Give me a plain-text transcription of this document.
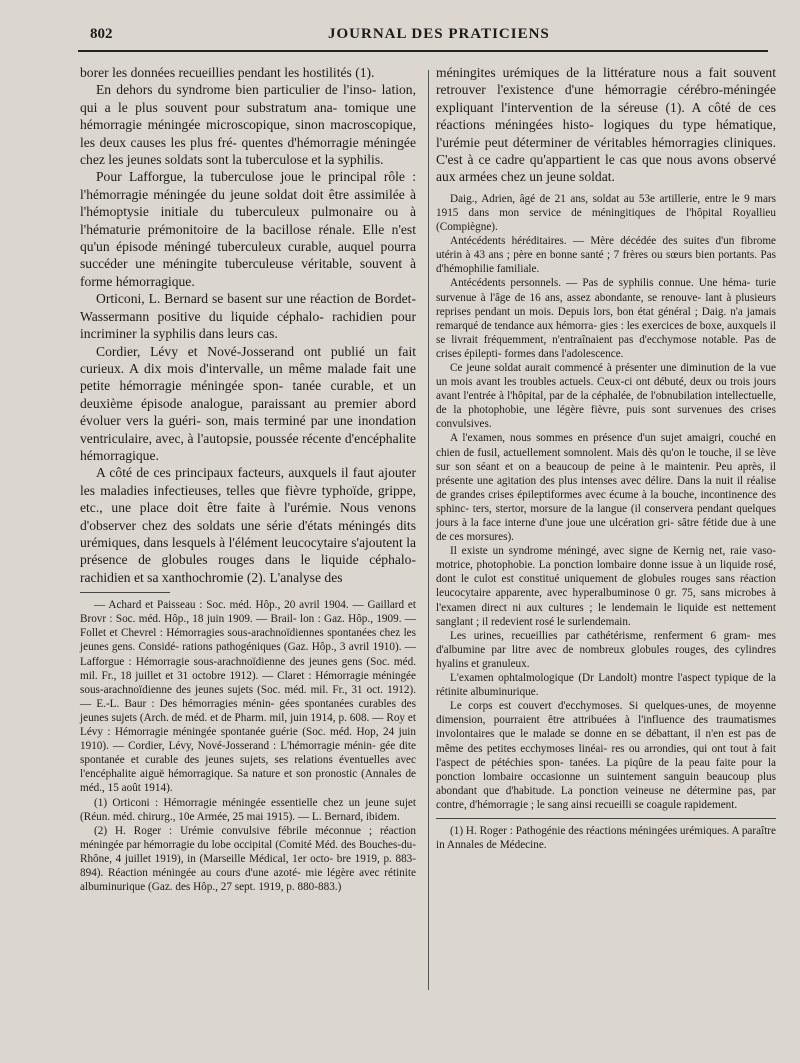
802	JOURNAL DES PRATICIENS
borer les données recueillies pendant les hostilités (1).
En dehors du syndrome bien particulier de l'inso- lation, qui a le plus souvent pour substratum ana- tomique une hémorragie méningée microscopique, sinon macroscopique, les deux causes les plus fré- quentes d'hémorragie méningée chez les jeunes soldats sont la tuberculose et la syphilis.
Pour Lafforgue, la tuberculose joue le principal rôle : l'hémorragie méningée du jeune soldat doit être assimilée à l'hémoptysie initiale du tuberculeux pulmonaire ou à l'hématurie prémonitoire de la bacillose rénale. Elle n'est qu'un épisode méningé tuberculeux curable, auquel pourra succéder une méningite tuberculeuse véritable, souvent à forme hémorragique.
Orticoni, L. Bernard se basent sur une réaction de Bordet-Wassermann positive du liquide céphalo- rachidien pour incriminer la syphilis dans leurs cas.
Cordier, Lévy et Nové-Josserand ont publié un fait curieux. A dix mois d'intervalle, un même malade fait une petite hémorragie méningée spon- tanée curable, et un deuxième épisode analogue, paraissant au premier abord évoluer vers la guéri- son, mais terminé par une inondation ventriculaire, avec, à l'autopsie, poussée récente d'encéphalite hémorragique.
A côté de ces principaux facteurs, auxquels il faut ajouter les maladies infectieuses, telles que fièvre typhoïde, grippe, etc., une place doit être faite à l'urémie. Nous venons d'observer chez des soldats une série d'états méningés dits urémiques, dans lesquels à l'élément leucocytaire s'ajoutent la présence de globules rouges dans le liquide céphalo- rachidien et sa xanthochromie (2). L'analyse des
— Achard et Paisseau : Soc. méd. Hôp., 20 avril 1904. — Gaillard et Brovr : Soc. méd. Hôp., 18 juin 1909. — Brail- lon : Gaz. Hôp., 1909. — Follet et Chevrel : Hémorragies sous-arachnoïdiennes spontanées chez les jeunes gens. Considé- rations pathogéniques (Gaz. Hôp., 3 avril 1910). — Lafforgue : Hémorragie sous-arachnoïdienne des jeunes gens (Soc. méd. mil. Fr., 18 juillet et 31 octobre 1912). — Claret : Hémorragie méningée sous-arachnoïdienne des jeunes sujets (Soc. méd. mil. Fr., 31 oct. 1912). — E.-L. Baur : Des hémorragies ménin- gées spontanées curables des jeunes sujets (Arch. de méd. et de Pharm. mil, juin 1914, p. 608. — Roy et Lévy : Hémorragie méningée spontanée guérie (Soc. méd. Hop, 24 juin 1910). — Cordier, Lévy, Nové-Josserand : L'hémorragie ménin- gée dite spontanée et curable des jeunes sujets, ses relations éventuelles avec l'encéphalite aiguë hémorragique. Sa nature et son pronostic (Annales de méd., 15 août 1914).
(1) Orticoni : Hémorragie méningée essentielle chez un jeune sujet (Réun. méd. chirurg., 10e Armée, 25 mai 1915). — L. Bernard, ibidem.
(2) H. Roger : Urémie convulsive fébrile méconnue ; réaction méningée par hémorragie du lobe occipital (Comité Méd. des Bouches-du-Rhône, 4 juillet 1919), in (Marseille Médical, 1er octo- bre 1919, p. 883-894). Réaction méningée au cours d'une azoté- mie légère avec rétinite albuminurique (Gaz. des Hôp., 27 sept. 1919, p. 880-883.)
méningites urémiques de la littérature nous a fait souvent retrouver l'existence d'une hémorragie cérébro-méningée expliquant l'intervention de la séreuse (1). A côté de ces réactions méningées histo- logiques du type hématique, l'urémie peut déterminer de véritables hémorragies cliniques. C'est à ce cadre qu'appartient le cas que nous avons observé aux armées chez un jeune soldat.
Daig., Adrien, âgé de 21 ans, soldat au 53e artillerie, entre le 9 mars 1915 dans mon service de méningitiques de l'hôpital Royallieu (Compiègne).
Antécédents héréditaires. — Mère décédée des suites d'un fibrome utérin à 43 ans ; père en bonne santé ; 7 frères ou sœurs bien portants. Pas d'hémophilie familiale.
Antécédents personnels. — Pas de syphilis connue. Une héma- turie survenue à l'âge de 16 ans, assez abondante, se renouve- lant à plusieurs reprises pendant un mois. Depuis lors, bon état général ; Daig. n'a jamais remarqué de tendance aux hémorra- gies : les exercices de boxe, auxquels il se livrait fréquemment, n'entraînaient pas d'ecchymose notable. Pas de crises épilepti- formes dans l'adolescence.
Ce jeune soldat aurait commencé à présenter une diminution de la vue un mois avant les troubles actuels. Ceux-ci ont débuté, deux ou trois jours avant l'entrée à l'hôpital, par de la céphalée, de l'obnubilation intellectuelle, de la photophobie, une légère fièvre, puis sont survenues des crises convulsives.
A l'examen, nous sommes en présence d'un sujet amaigri, couché en chien de fusil, actuellement somnolent. Mais dès qu'on le touche, il se lève sur son séant et on a beaucoup de peine à le maintenir. Peu après, il présente une agitation des plus intenses avec délire. Dans la nuit il réalise de grandes crises épileptiformes avec écume à la bouche, incontinence des sphinc- ters, stertor, morsure de la langue (il conservera pendant quelques jours à la face interne d'une joue une ulcération gri- sâtre fétide due à une de ces morsures).
Il existe un syndrome méningé, avec signe de Kernig net, raie vaso-motrice, photophobie. La ponction lombaire donne issue à un liquide rosé, dont le culot est constitué uniquement de globules rouges sans réaction leucocytaire apparente, avec hyperalbuminose 0 gr. 75, sans microbes à l'examen direct ni aux cultures ; le lendemain le liquide est nettement sanglant ; il redevient rosé le surlendemain.
Les urines, recueillies par cathétérisme, renferment 6 gram- mes d'albumine par litre avec de nombreux globules rouges, des cylindres hyalins et granuleux.
L'examen ophtalmologique (Dr Landolt) montre l'aspect typique de la rétinite albuminurique.
Le corps est couvert d'ecchymoses. Si quelques-unes, de moyenne dimension, pourraient être attribuées à l'influence des traumatismes involontaires que le malade se donne en se débattant, il n'en est pas de même des petites ecchymoses linéai- res ou arrondies, qui ont tout à fait l'aspect de pétéchies spon- tanées. La piqûre de la peau faite pour la ponction lombaire occasionne un suintement sanguin beaucoup plus abondant que d'habitude. La ponction veineuse ne détermine pas, par contre, d'hémorragie ; le sang ainsi recueilli se coagule rapidement.
(1) H. Roger : Pathogénie des réactions méningées urémiques. A paraître in Annales de Médecine.
